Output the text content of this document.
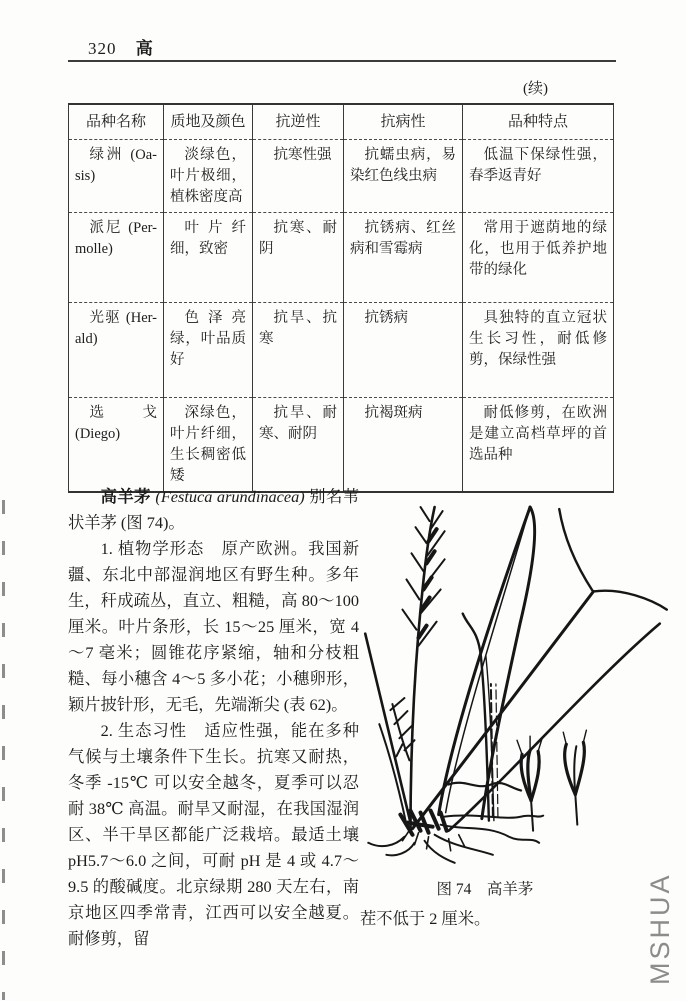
320 高
(续)
品种名称	质地及颜色	抗逆性	抗病性	品种特点

绿洲 (Oa-sis)	淡绿色，叶片极细，植株密度高	抗寒性强	抗蠕虫病，易染红色线虫病	低温下保绿性强，春季返青好

派尼 (Per-molle)	叶片纤细，致密	抗寒、耐阴	抗锈病、红丝病和雪霉病	常用于遮荫地的绿化，也用于低养护地带的绿化

光驱 (Her-ald)	色泽亮绿，叶品质好	抗旱、抗寒	抗锈病	具独特的直立冠状生长习性，耐低修剪，保绿性强

选戈 (Diego)	深绿色，叶片纤细，生长稠密低矮	抗旱、耐寒、耐阴	抗褐斑病	耐低修剪，在欧洲是建立高档草坪的首选品种

高羊茅 (Festuca arundinacea) 别名苇状羊茅 (图 74)。

1. 植物学形态　原产欧洲。我国新疆、东北中部湿润地区有野生种。多年生，秆成疏丛，直立、粗糙，高 80～100 厘米。叶片条形，长 15～25 厘米，宽 4～7 毫米；圆锥花序紧缩，轴和分枝粗糙、每小穗含 4～5 多小花；小穗卵形，颖片披针形，无毛，先端渐尖 (表 62)。

2. 生态习性　适应性强，能在多种气候与土壤条件下生长。抗寒又耐热，冬季 -15℃ 可以安全越冬，夏季可以忍耐 38℃ 高温。耐旱又耐湿，在我国湿润区、半干旱区都能广泛栽培。最适土壤 pH5.7～6.0 之间，可耐 pH 是 4 或 4.7～9.5 的酸碱度。北京绿期 280 天左右，南京地区四季常青，江西可以安全越夏。耐修剪，留

图 74　高羊茅
茬不低于 2 厘米。	MSHUA
